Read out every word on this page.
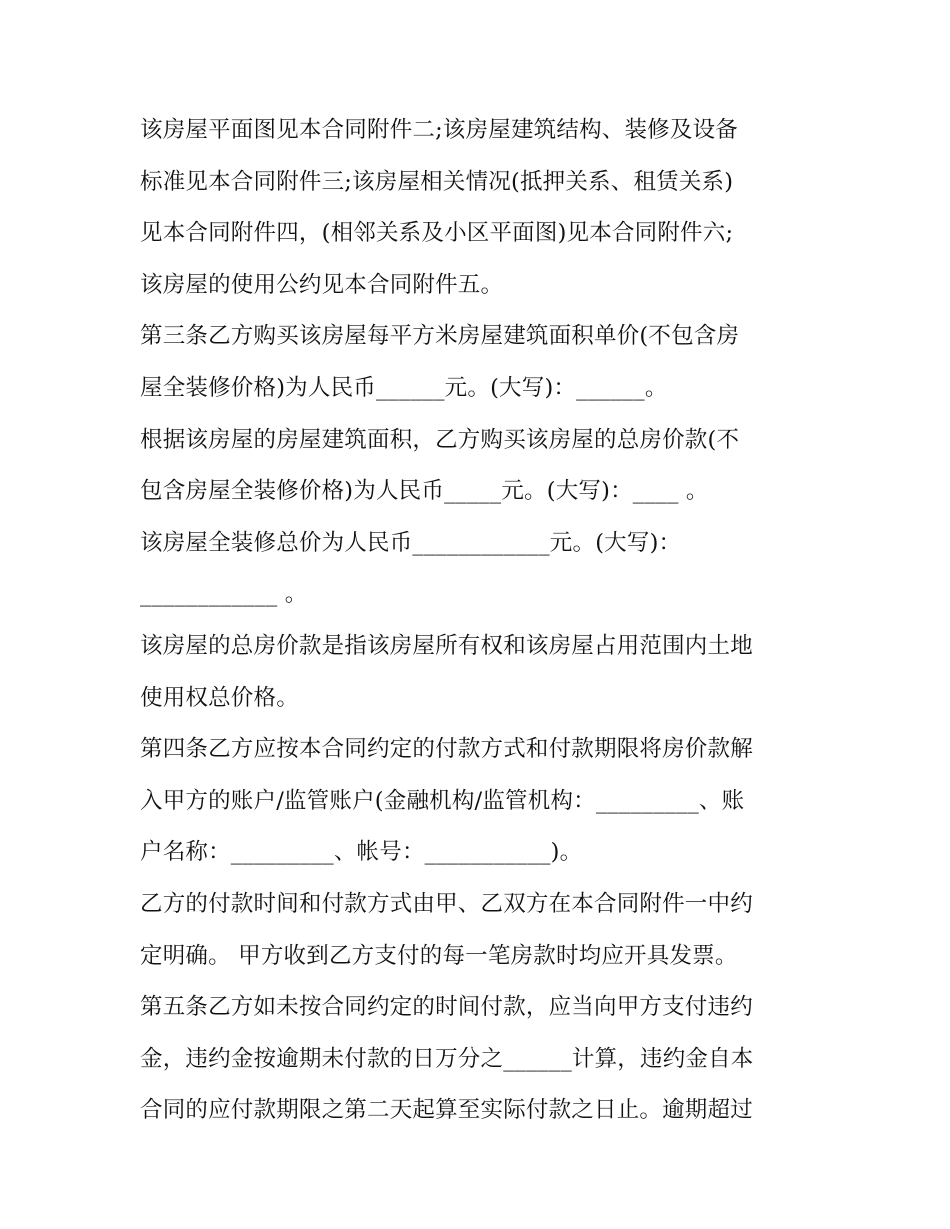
该房屋平面图见本合同附件二;该房屋建筑结构、装修及设备
标准见本合同附件三;该房屋相关情况(抵押关系、租赁关系)
见本合同附件四，(相邻关系及小区平面图)见本合同附件六;
该房屋的使用公约见本合同附件五。
第三条乙方购买该房屋每平方米房屋建筑面积单价(不包含房
屋全装修价格)为人民币______元。(大写)：______。
根据该房屋的房屋建筑面积，乙方购买该房屋的总房价款(不
包含房屋全装修价格)为人民币_____元。(大写)：____ 。
该房屋全装修总价为人民币____________元。(大写)：
____________ 。
该房屋的总房价款是指该房屋所有权和该房屋占用范围内土地
使用权总价格。
第四条乙方应按本合同约定的付款方式和付款期限将房价款解
入甲方的账户/监管账户(金融机构/监管机构：_________、账
户名称：_________、帐号：___________)。
乙方的付款时间和付款方式由甲、乙双方在本合同附件一中约
定明确。 甲方收到乙方支付的每一笔房款时均应开具发票。
第五条乙方如未按合同约定的时间付款，应当向甲方支付违约
金，违约金按逾期未付款的日万分之______计算，违约金自本
合同的应付款期限之第二天起算至实际付款之日止。逾期超过
